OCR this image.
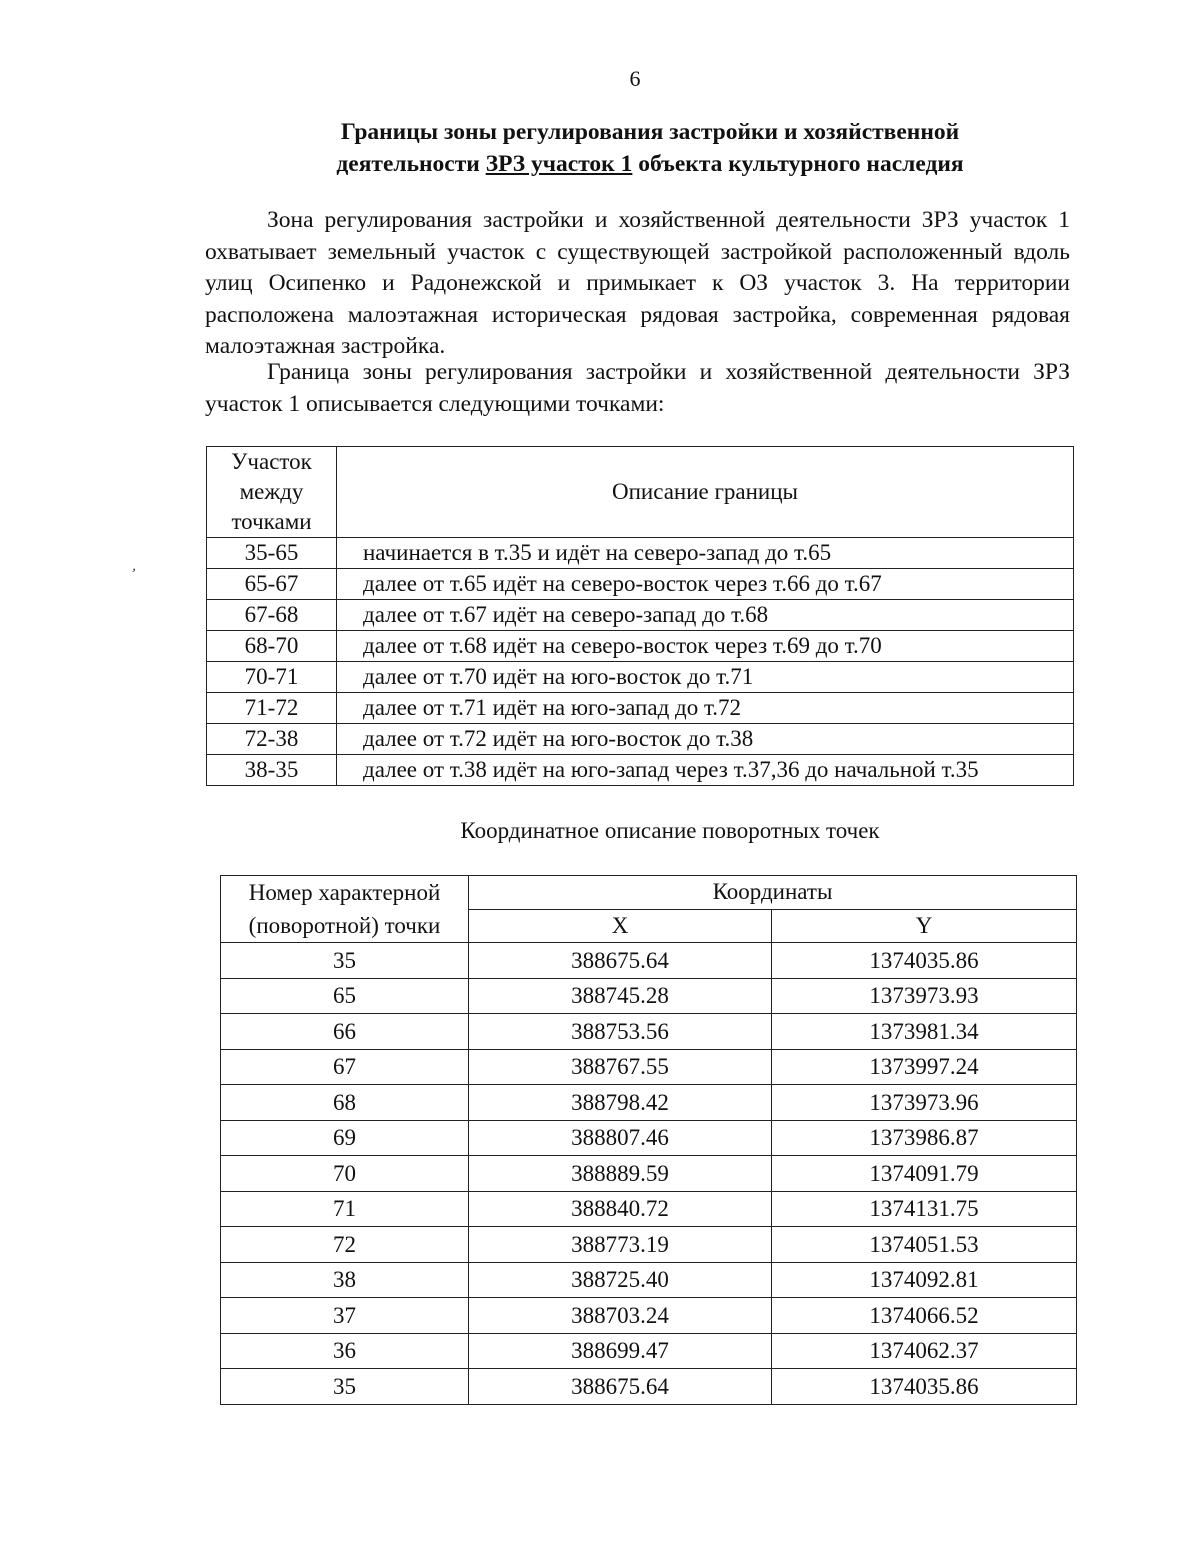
6
Границы зоны регулирования застройки и хозяйственной
деятельности ЗРЗ участок 1 объекта культурного наследия
Зона регулирования застройки и хозяйственной деятельности ЗРЗ участок 1 охватывает земельный участок с существующей застройкой расположенный вдоль улиц Осипенко и Радонежской и примыкает к ОЗ участок 3. На территории расположена малоэтажная историческая рядовая застройка, современная рядовая малоэтажная застройка.
Граница зоны регулирования застройки и хозяйственной деятельности ЗРЗ участок 1 описывается следующими точками:
ʼ
Участок
между
точками	Описание границы
35-65	начинается в т.35 и идёт на северо-запад до т.65
65-67	далее от т.65 идёт на северо-восток через т.66 до т.67
67-68	далее от т.67 идёт на северо-запад до т.68
68-70	далее от т.68 идёт на северо-восток через т.69 до т.70
70-71	далее от т.70 идёт на юго-восток до т.71
71-72	далее от т.71 идёт на юго-запад до т.72
72-38	далее от т.72 идёт на юго-восток до т.38
38-35	далее от т.38 идёт на юго-запад через т.37,36 до начальной т.35
Координатное описание поворотных точек
Номер характерной
(поворотной) точки	Координаты	
	X	Y
35	388675.64	1374035.86
65	388745.28	1373973.93
66	388753.56	1373981.34
67	388767.55	1373997.24
68	388798.42	1373973.96
69	388807.46	1373986.87
70	388889.59	1374091.79
71	388840.72	1374131.75
72	388773.19	1374051.53
38	388725.40	1374092.81
37	388703.24	1374066.52
36	388699.47	1374062.37
35	388675.64	1374035.86
